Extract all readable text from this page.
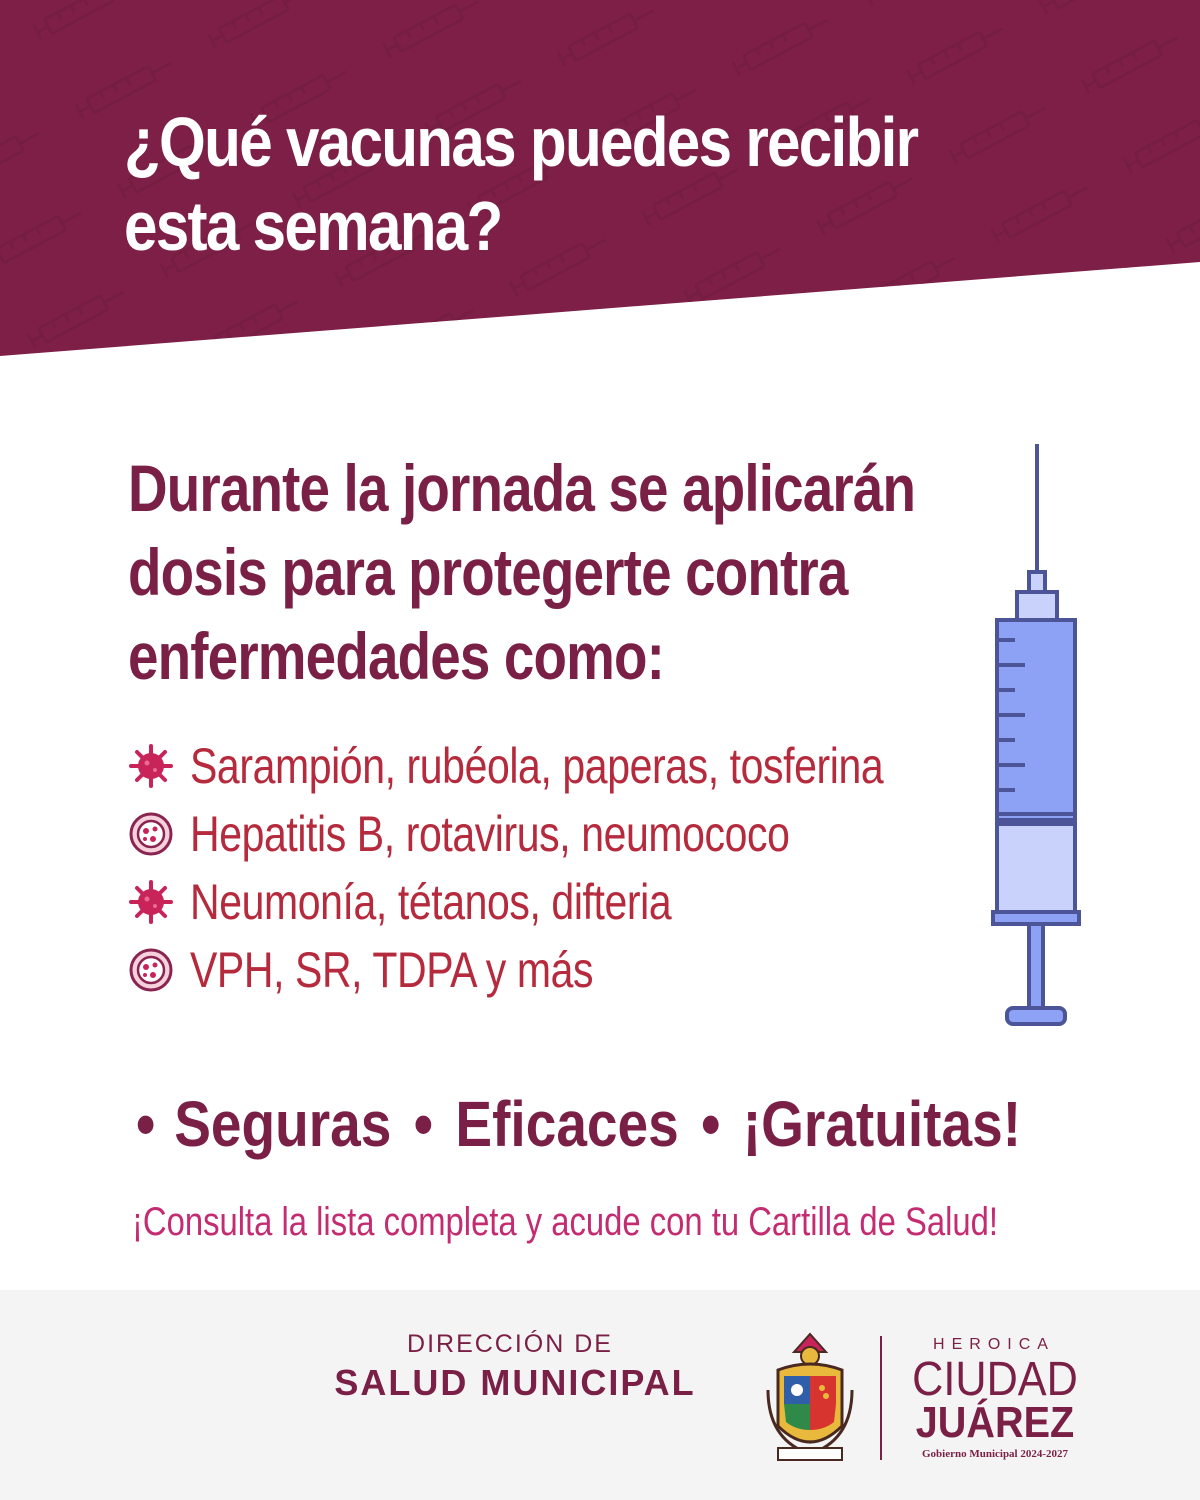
¿Qué vacunas puedes recibir
esta semana?
Durante la jornada se aplicarán
dosis para protegerte contra
enfermedades como:
Sarampión, rubéola, paperas, tosferina
Hepatitis B, rotavirus, neumococo
Neumonía, tétanos, difteria
VPH, SR, TDPA y más
• Seguras • Eficaces • ¡Gratuitas!
¡Consulta la lista completa y acude con tu Cartilla de Salud!
DIRECCIÓN DE
SALUD MUNICIPAL
HEROICA
CIUDAD
JUÁREZ
Gobierno Municipal 2024-2027
